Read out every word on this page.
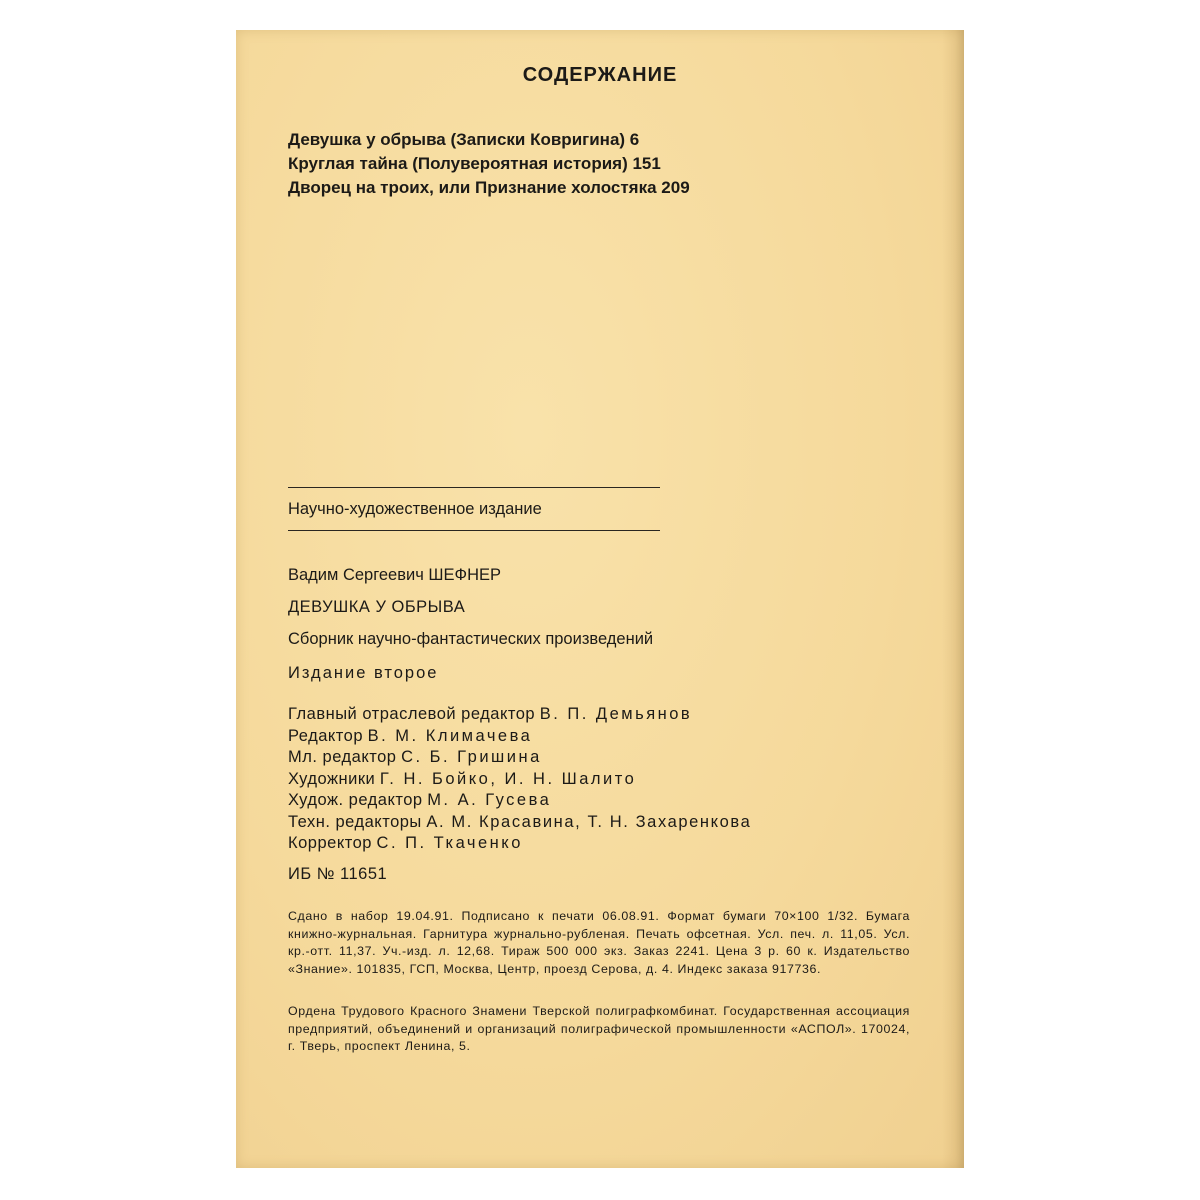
СОДЕРЖАНИЕ
Девушка у обрыва (Записки Ковригина) 6
Круглая тайна (Полувероятная история) 151
Дворец на троих, или Признание холостяка 209
Научно-художественное издание
Вадим Сергеевич ШЕФНЕР
ДЕВУШКА У ОБРЫВА
Сборник научно-фантастических произведений
Издание второе
Главный отраслевой редактор В. П. Демьянов
Редактор В. М. Климачева
Мл. редактор С. Б. Гришина
Художники Г. Н. Бойко, И. Н. Шалито
Худож. редактор М. А. Гусева
Техн. редакторы А. М. Красавина, Т. Н. Захаренкова
Корректор С. П. Ткаченко
ИБ № 11651

Сдано в набор 19.04.91. Подписано к печати 06.08.91. Формат бумаги 70×100 1/32. Бумага книжно-журнальная. Гарнитура журнально-рубленая. Печать офсетная. Усл. печ. л. 11,05. Усл. кр.-отт. 11,37. Уч.-изд. л. 12,68. Тираж 500 000 экз. Заказ 2241. Цена 3 р. 60 к. Издательство «Знание». 101835, ГСП, Москва, Центр, проезд Серова, д. 4. Индекс заказа 917736.

Ордена Трудового Красного Знамени Тверской полиграфкомбинат. Государственная ассоциация предприятий, объединений и организаций полиграфической промышленности «АСПОЛ». 170024, г. Тверь, проспект Ленина, 5.
